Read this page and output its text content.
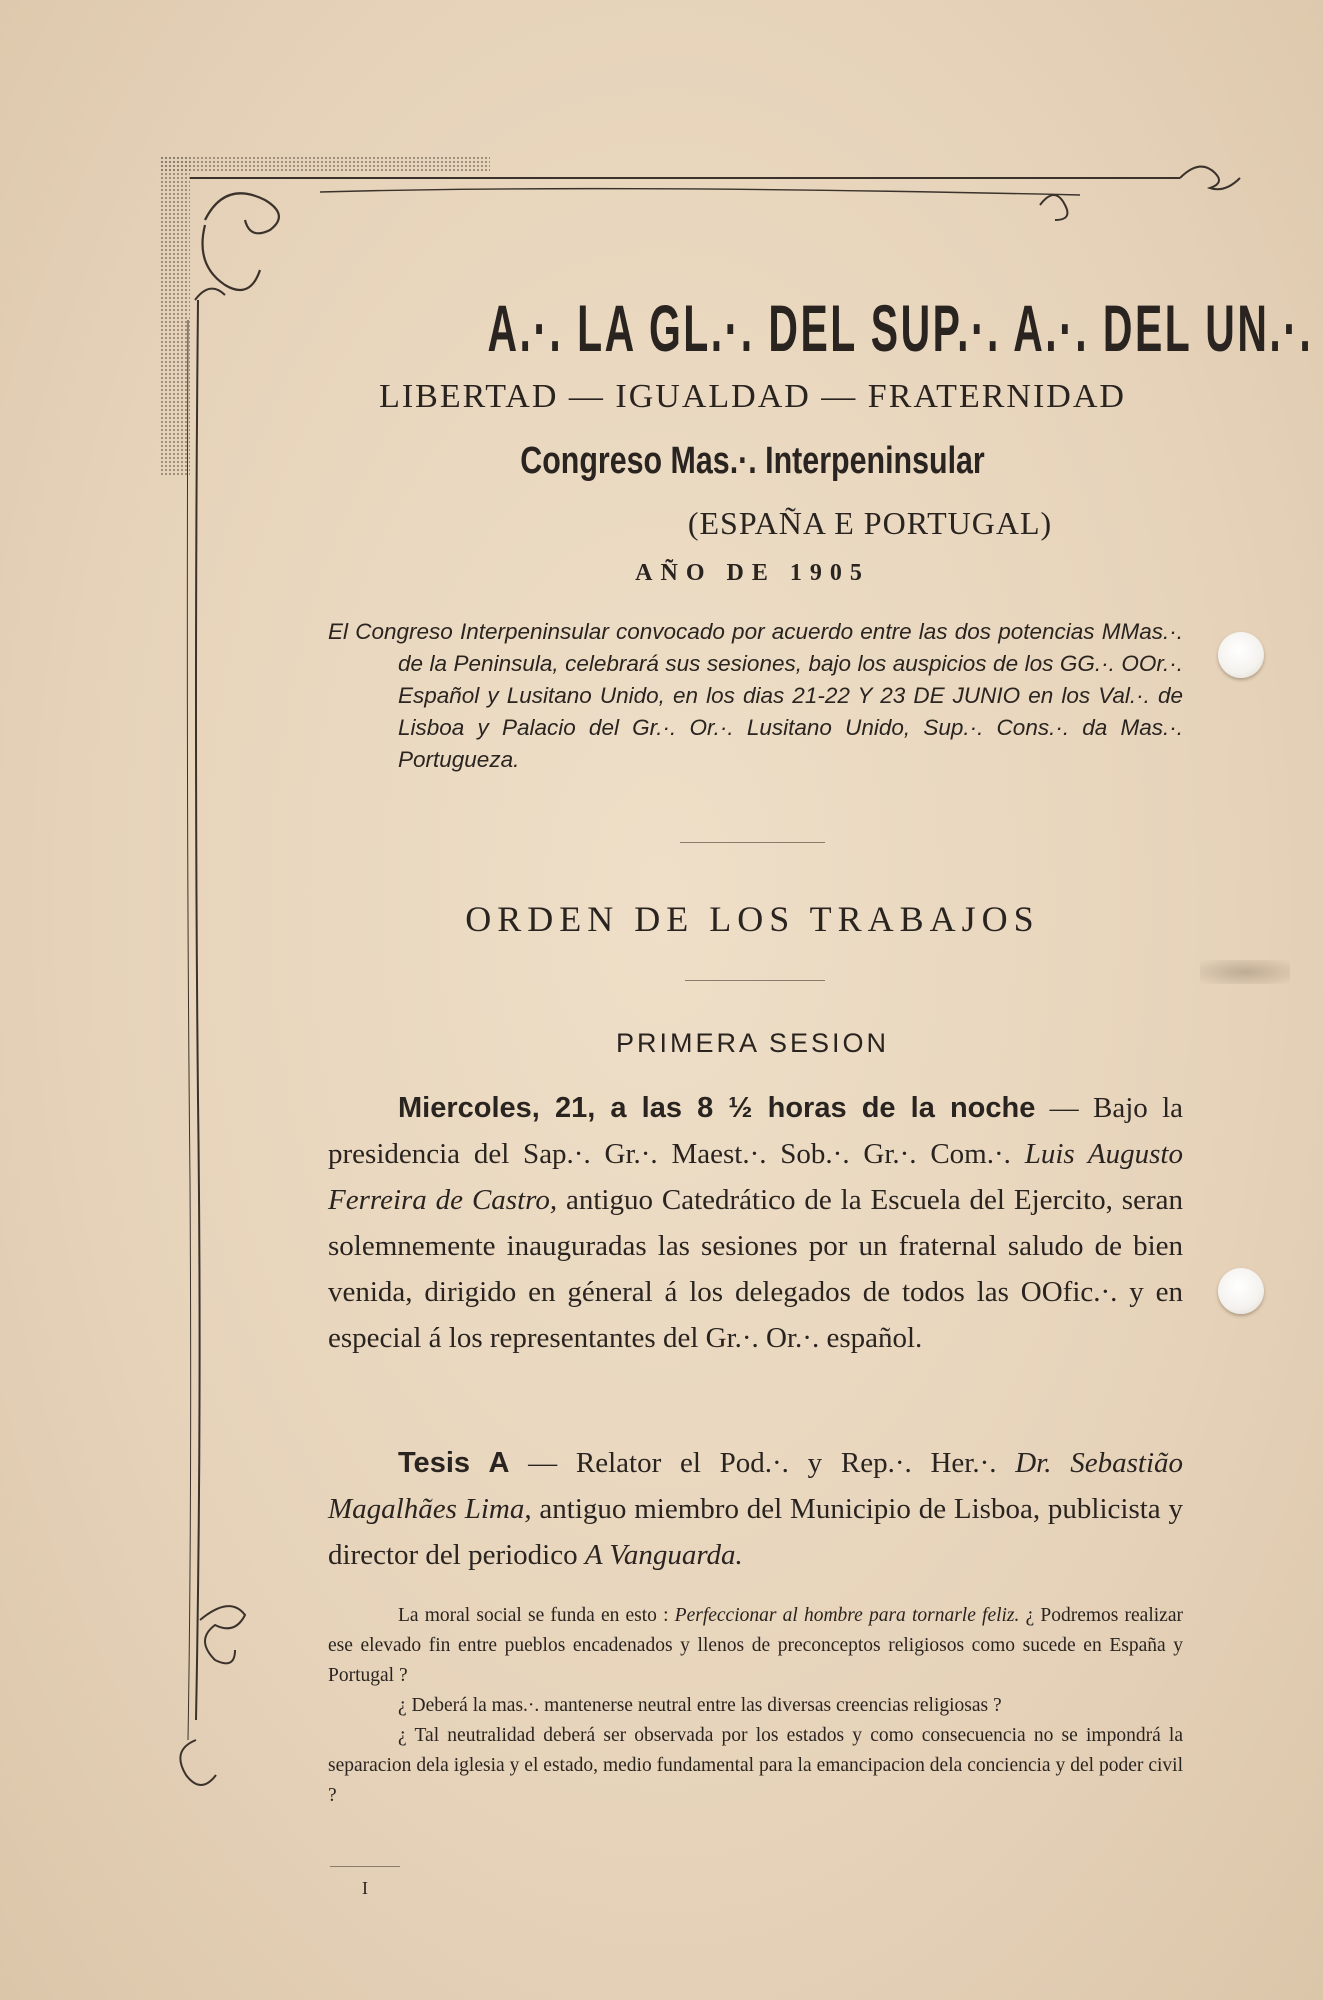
A.·. LA GL.·. DEL SUP.·. A.·. DEL UN.·.
LIBERTAD — IGUALDAD — FRATERNIDAD
Congreso Mas.·. Interpeninsular
(ESPAÑA E PORTUGAL)
AÑO DE 1905

El Congreso Interpeninsular convocado por acuerdo entre las dos potencias MMas.·. de la Peninsula, celebrará sus sesiones, bajo los auspicios de los GG.·. OOr.·. Español y Lusitano Unido, en los dias 21-22 Y 23 DE JUNIO en los Val.·. de Lisboa y Palacio del Gr.·. Or.·. Lusitano Unido, Sup.·. Cons.·. da Mas.·. Portugueza.

ORDEN DE LOS TRABAJOS
PRIMERA SESION
Miercoles, 21, a las 8 ½ horas de la noche — Bajo la presidencia del Sap.·. Gr.·. Maest.·. Sob.·. Gr.·. Com.·. Luis Augusto Ferreira de Castro, antiguo Catedrático de la Escuela del Ejercito, seran solemnemente inauguradas las sesiones por un fraternal saludo de bien venida, dirigido en géneral á los delegados de todos las OOfic.·. y en especial á los representantes del Gr.·. Or.·. español.
Tesis A — Relator el Pod.·. y Rep.·. Her.·. Dr. Sebastião Magalhães Lima, antiguo miembro del Municipio de Lisboa, publicista y director del periodico A Vanguarda.

La moral social se funda en esto : Perfeccionar al hombre para tornarle feliz. ¿ Podremos realizar ese elevado fin entre pueblos encadenados y llenos de preconceptos religiosos como sucede en España y Portugal ?

¿ Deberá la mas.·. mantenerse neutral entre las diversas creencias religiosas ?

¿ Tal neutralidad deberá ser observada por los estados y como consecuencia no se impondrá la separacion dela iglesia y el estado, medio fundamental para la emancipacion dela conciencia y del poder civil ?

I
